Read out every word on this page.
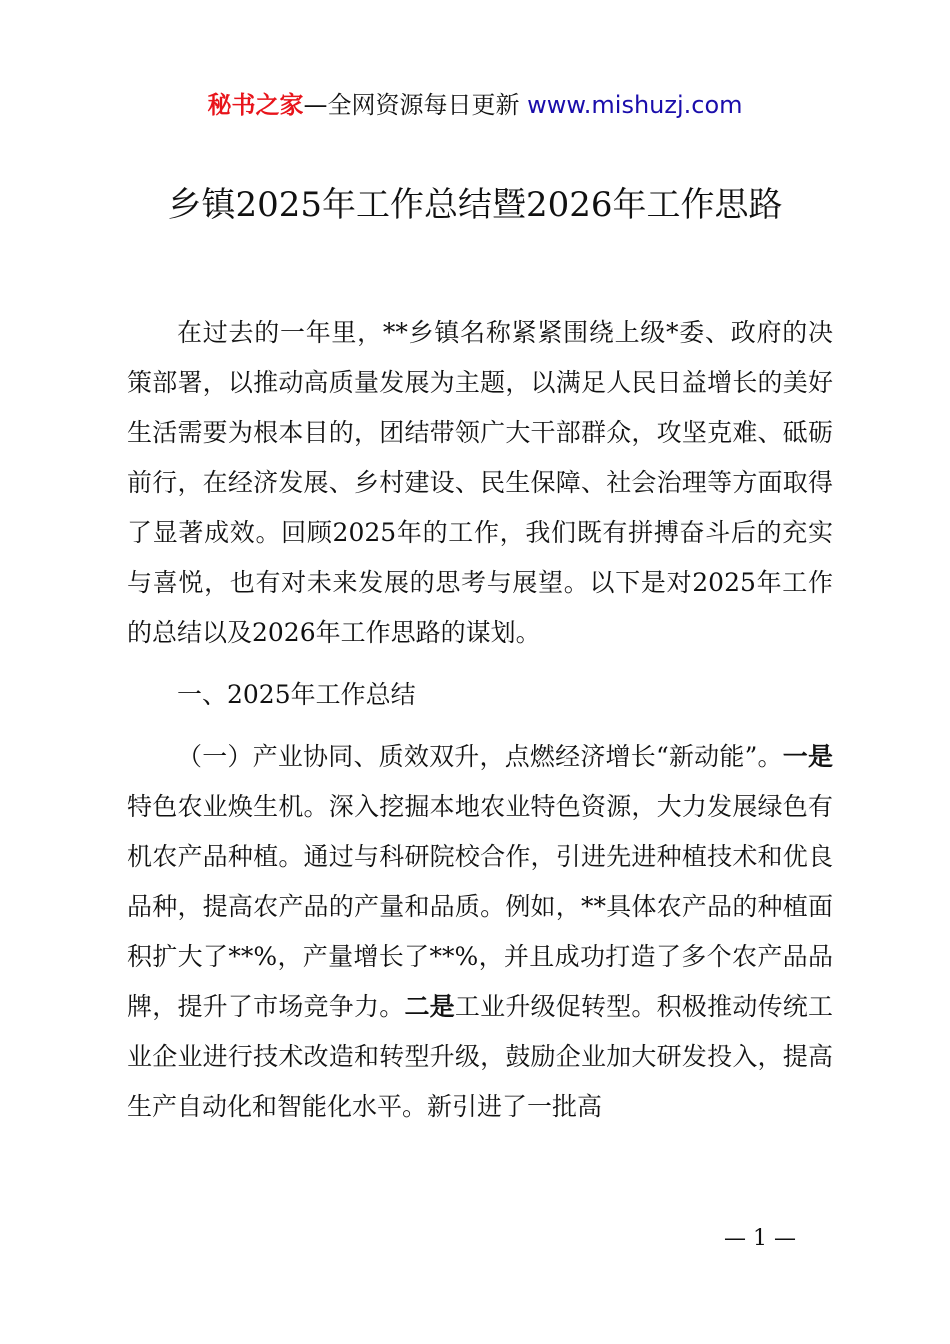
秘书之家—全网资源每日更新 www.mishuzj.com
乡镇2025年工作总结暨2026年工作思路

在过去的一年里，**乡镇名称紧紧围绕上级*委、政府的决策部署，以推动高质量发展为主题，以满足人民日益增长的美好生活需要为根本目的，团结带领广大干部群众，攻坚克难、砥砺前行，在经济发展、乡村建设、民生保障、社会治理等方面取得了显著成效。回顾2025年的工作，我们既有拼搏奋斗后的充实与喜悦，也有对未来发展的思考与展望。以下是对2025年工作的总结以及2026年工作思路的谋划。

一、2025年工作总结

（一）产业协同、质效双升，点燃经济增长“新动能”。一是特色农业焕生机。深入挖掘本地农业特色资源，大力发展绿色有机农产品种植。通过与科研院校合作，引进先进种植技术和优良品种，提高农产品的产量和品质。例如，**具体农产品的种植面积扩大了**%，产量增长了**%，并且成功打造了多个农产品品牌，提升了市场竞争力。二是工业升级促转型。积极推动传统工业企业进行技术改造和转型升级，鼓励企业加大研发投入，提高生产自动化和智能化水平。新引进了一批高

— 1 —
